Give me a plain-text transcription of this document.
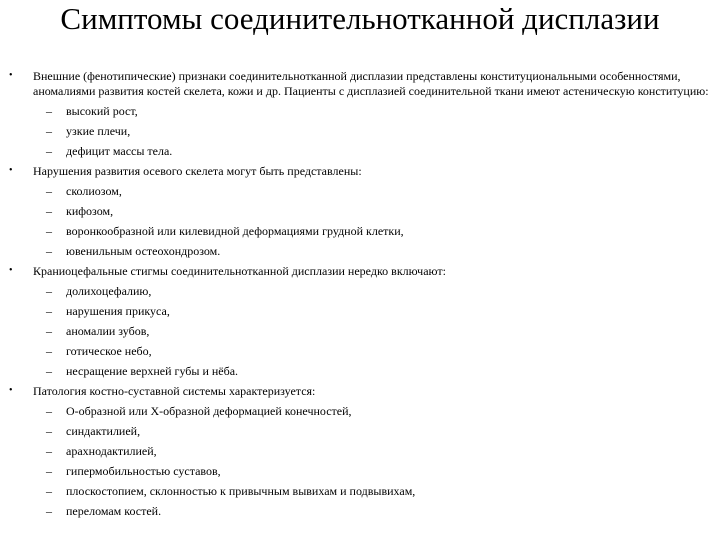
Симптомы соединительнотканной дисплазии
• Внешние (фенотипические) признаки соединительнотканной дисплазии представлены конституциональными особенностями, аномалиями развития костей скелета, кожи и др. Пациенты с дисплазией соединительной ткани имеют астеническую конституцию:
– высокий рост,
– узкие плечи,
– дефицит массы тела.
• Нарушения развития осевого скелета могут быть представлены:
– сколиозом,
– кифозом,
– воронкообразной или килевидной деформациями грудной клетки,
– ювенильным остеохондрозом.
• Краниоцефальные стигмы соединительнотканной дисплазии нередко включают:
– долихоцефалию,
– нарушения прикуса,
– аномалии зубов,
– готическое небо,
– несращение верхней губы и нёба.
• Патология костно-суставной системы характеризуется:
– О-образной или Х-образной деформацией конечностей,
– синдактилией,
– арахнодактилией,
– гипермобильностью суставов,
– плоскостопием, склонностью к привычным вывихам и подвывихам,
– переломам костей.
